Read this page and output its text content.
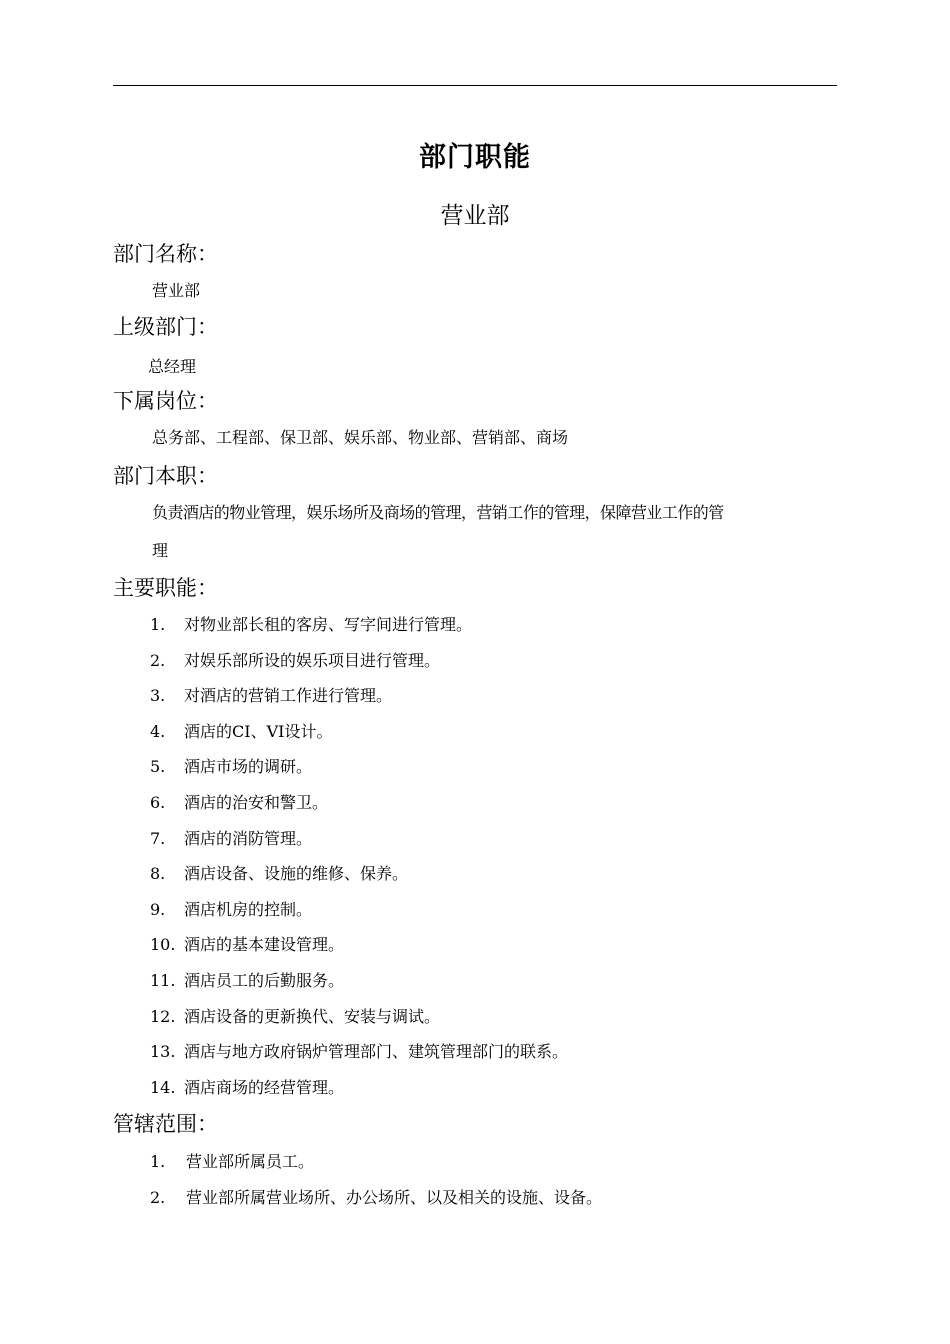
部门职能
营业部
部门名称：
营业部
上级部门：
总经理
下属岗位：
总务部、工程部、保卫部、娱乐部、物业部、营销部、商场
部门本职：
负责酒店的物业管理，娱乐场所及商场的管理，营销工作的管理，保障营业工作的管
理
主要职能：
1. 对物业部长租的客房、写字间进行管理。
2. 对娱乐部所设的娱乐项目进行管理。
3. 对酒店的营销工作进行管理。
4. 酒店的CI、VI设计。
5. 酒店市场的调研。
6. 酒店的治安和警卫。
7. 酒店的消防管理。
8. 酒店设备、设施的维修、保养。
9. 酒店机房的控制。
10. 酒店的基本建设管理。
11. 酒店员工的后勤服务。
12. 酒店设备的更新换代、安装与调试。
13. 酒店与地方政府锅炉管理部门、建筑管理部门的联系。
14. 酒店商场的经营管理。
管辖范围：
1. 营业部所属员工。
2. 营业部所属营业场所、办公场所、以及相关的设施、设备。
